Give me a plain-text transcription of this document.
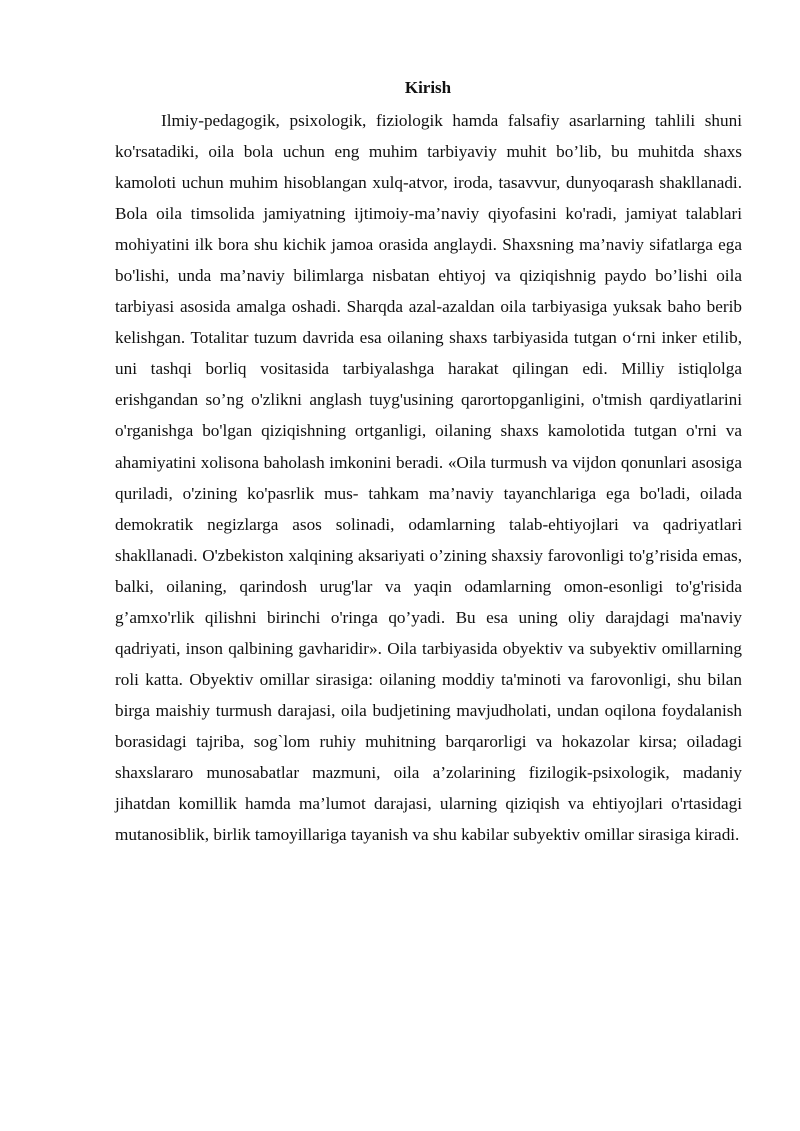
Kirish

Ilmiy-pedagogik, psixologik, fiziologik hamda falsafiy asarlarning tahlili shuni ko'rsatadiki, oila bola uchun eng muhim tarbiyaviy muhit bo’lib, bu muhitda shaxs kamoloti uchun muhim hisoblangan xulq-atvor, iroda, tasavvur, dunyoqarash shakllanadi. Bola oila timsolida jamiyatning ijtimoiy-ma’naviy qiyofasini ko'radi, jamiyat talablari mohiyatini ilk bora shu kichik jamoa orasida anglaydi. Shaxsning ma’naviy sifatlarga ega bo'lishi, unda ma’naviy bilimlarga nisbatan ehtiyoj va qiziqishnig paydo bo’lishi oila tarbiyasi asosida amalga oshadi. Sharqda azal-azaldan oila tarbiyasiga yuksak baho berib kelishgan. Totalitar tuzum davrida esa oilaning shaxs tarbiyasida tutgan o‘rni inker etilib, uni tashqi borliq vositasida tarbiyalashga harakat qilingan edi. Milliy istiqlolga erishgandan so’ng o'zlikni anglash tuyg'usining qarortopganligini, o'tmish qardiyatlarini o'rganishga bo'lgan qiziqishning ortganligi, oilaning shaxs kamolotida tutgan o'rni va ahamiyatini xolisona baholash imkonini beradi. «Oila turmush va vijdon qonunlari asosiga quriladi, o'zining ko'pasrlik mus- tahkam ma’naviy tayanchlariga ega bo'ladi, oilada demokratik negizlarga asos solinadi, odamlarning talab-ehtiyojlari va qadriyatlari shakllanadi. O'zbekiston xalqining aksariyati o’zining shaxsiy farovonligi to'g’risida emas, balki, oilaning, qarindosh urug'lar va yaqin odamlarning omon-esonligi to'g'risida g’amxo'rlik qilishni birinchi o'ringa qo’yadi. Bu esa uning oliy darajdagi ma'naviy qadriyati, inson qalbining gavharidir». Oila tarbiyasida obyektiv va subyektiv omillarning roli katta. Obyektiv omillar sirasiga: oilaning moddiy ta'minoti va farovonligi, shu bilan birga maishiy turmush darajasi, oila budjetining mavjudholati, undan oqilona foydalanish borasidagi tajriba, sog`lom ruhiy muhitning barqarorligi va hokazolar kirsa; oiladagi shaxslararo munosabatlar mazmuni, oila a’zolarining fizilogik-psixologik, madaniy jihatdan komillik hamda ma’lumot darajasi, ularning qiziqish va ehtiyojlari o'rtasidagi mutanosiblik, birlik tamoyillariga tayanish va shu kabilar subyektiv omillar sirasiga kiradi.
